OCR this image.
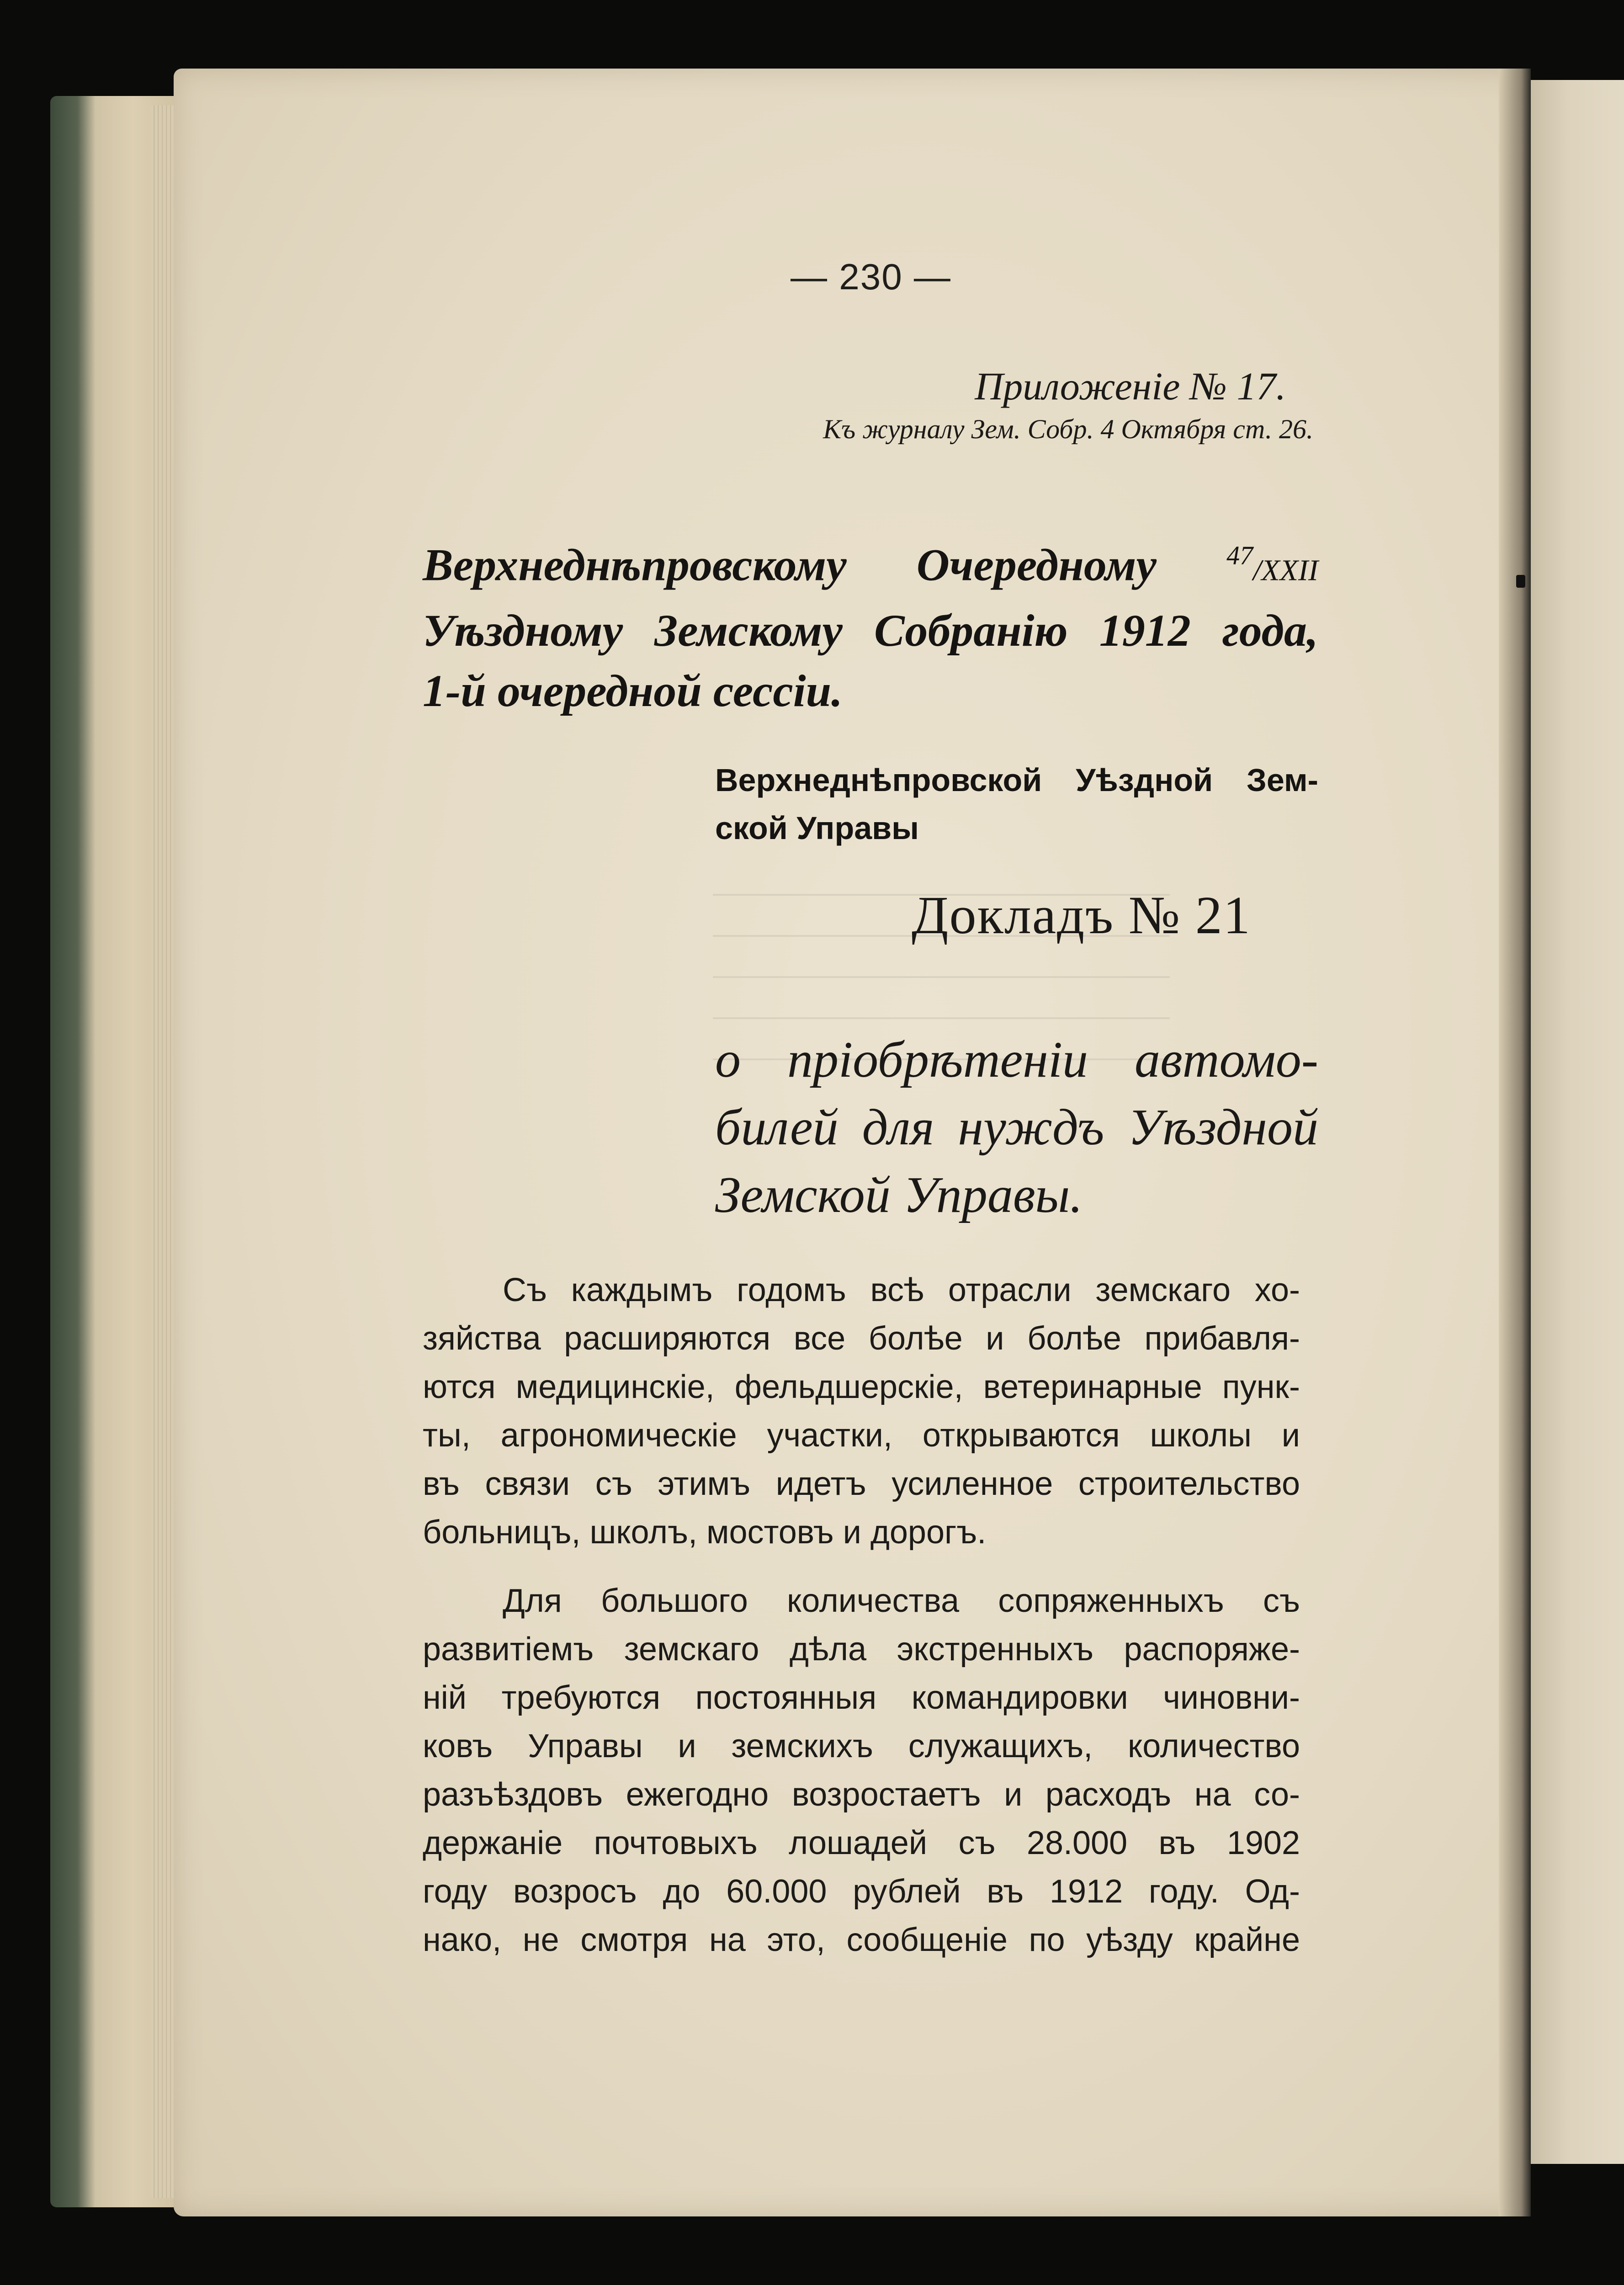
— 230 —
Приложенiе № 17.
Къ журналу Зем. Собр. 4 Октября ст. 26.
Верхнеднѣпровскому Очередному $^{47}$/XXII
Уѣздному Земскому Собранiю 1912 года,
1-й очередной сессiи.
Верхнеднѣпровской Уѣздной Зем-
ской Управы
Докладъ № 21
о прiобрѣтенiи автомо-
билей для нуждъ Уѣздной
Земской Управы.
Съ каждымъ годомъ всѣ отрасли земскаго хо-
зяйства расширяются все болѣе и болѣе прибавля-
ются медицинскiе, фельдшерскiе, ветеринарные пунк-
ты, агрономическiе участки, открываются школы и
въ связи съ этимъ идетъ усиленное строительство
больницъ, школъ, мостовъ и дорогъ.
Для большого количества сопряженныхъ съ
развитiемъ земскаго дѣла экстренныхъ распоряже-
нiй требуются постоянныя командировки чиновни-
ковъ Управы и земскихъ служащихъ, количество
разъѣздовъ ежегодно возростаетъ и расходъ на со-
держанiе почтовыхъ лошадей съ 28.000 въ 1902
году возросъ до 60.000 рублей въ 1912 году. Од-
нако, не смотря на это, сообщенiе по уѣзду крайне
